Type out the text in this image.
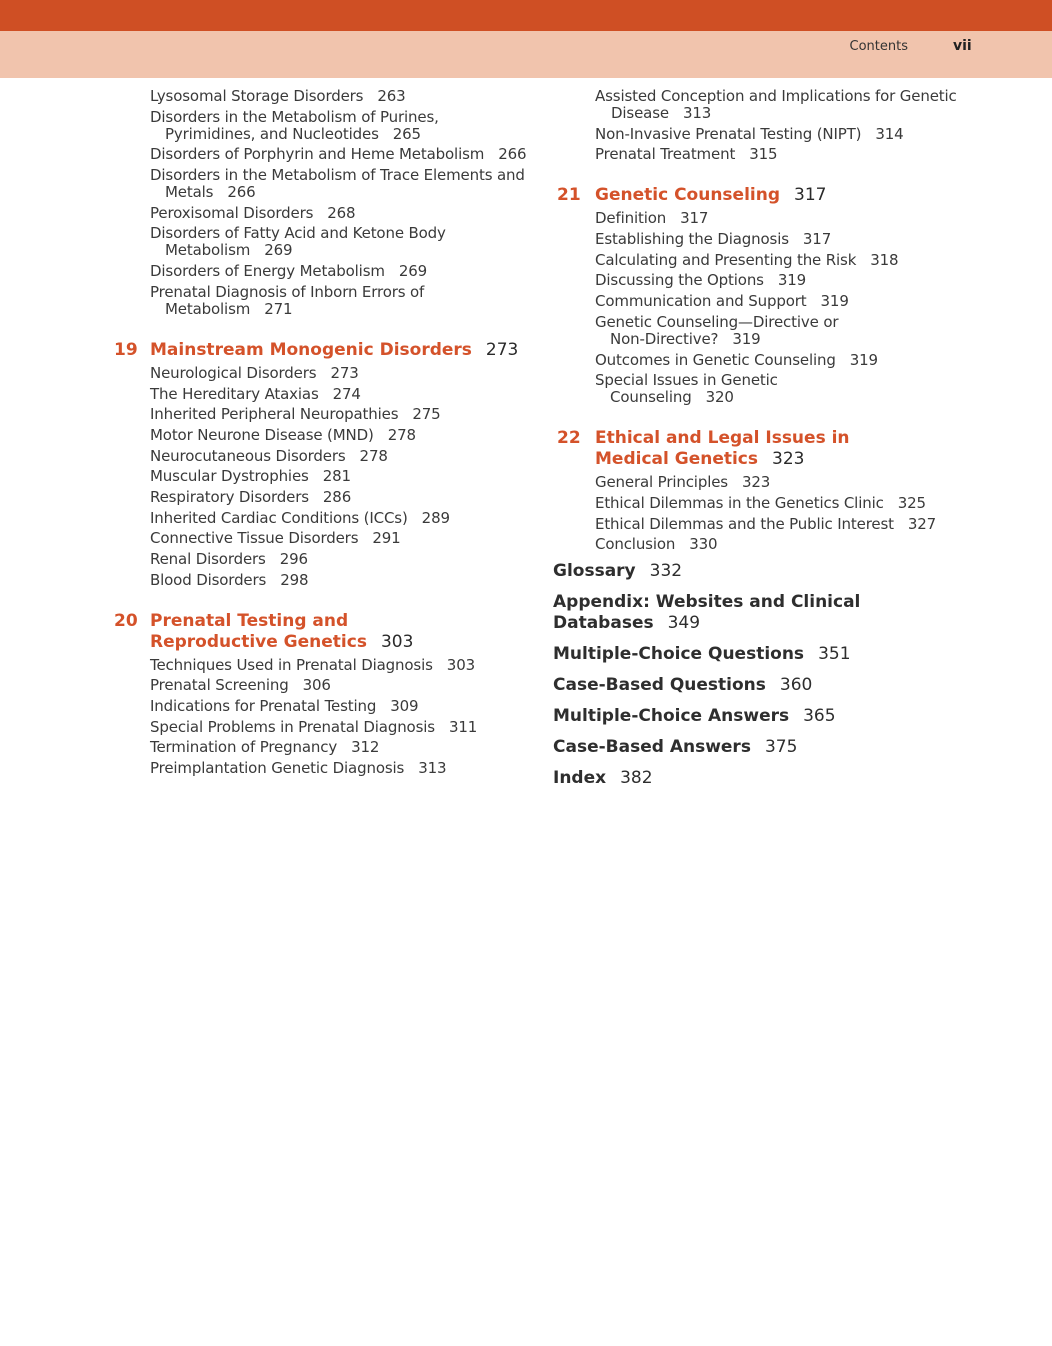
Contents	vii
Lysosomal Storage Disorders 263
Disorders in the Metabolism of Purines, Pyrimidines, and Nucleotides 265
Disorders of Porphyrin and Heme Metabolism 266
Disorders in the Metabolism of Trace Elements and Metals 266
Peroxisomal Disorders 268
Disorders of Fatty Acid and Ketone Body Metabolism 269
Disorders of Energy Metabolism 269
Prenatal Diagnosis of Inborn Errors of Metabolism 271
19 Mainstream Monogenic Disorders 273
Neurological Disorders 273
The Hereditary Ataxias 274
Inherited Peripheral Neuropathies 275
Motor Neurone Disease (MND) 278
Neurocutaneous Disorders 278
Muscular Dystrophies 281
Respiratory Disorders 286
Inherited Cardiac Conditions (ICCs) 289
Connective Tissue Disorders 291
Renal Disorders 296
Blood Disorders 298
20 Prenatal Testing and
Reproductive Genetics 303
Techniques Used in Prenatal Diagnosis 303
Prenatal Screening 306
Indications for Prenatal Testing 309
Special Problems in Prenatal Diagnosis 311
Termination of Pregnancy 312
Preimplantation Genetic Diagnosis 313
Assisted Conception and Implications for Genetic Disease 313
Non-Invasive Prenatal Testing (NIPT) 314
Prenatal Treatment 315
21 Genetic Counseling 317
Definition 317
Establishing the Diagnosis 317
Calculating and Presenting the Risk 318
Discussing the Options 319
Communication and Support 319
Genetic Counseling—Directive or Non-Directive? 319
Outcomes in Genetic Counseling 319
Special Issues in Genetic Counseling 320
22 Ethical and Legal Issues in
Medical Genetics 323
General Principles 323
Ethical Dilemmas in the Genetics Clinic 325
Ethical Dilemmas and the Public Interest 327
Conclusion 330
Glossary 332
Appendix: Websites and Clinical Databases 349
Multiple-Choice Questions 351
Case-Based Questions 360
Multiple-Choice Answers 365
Case-Based Answers 375
Index 382
